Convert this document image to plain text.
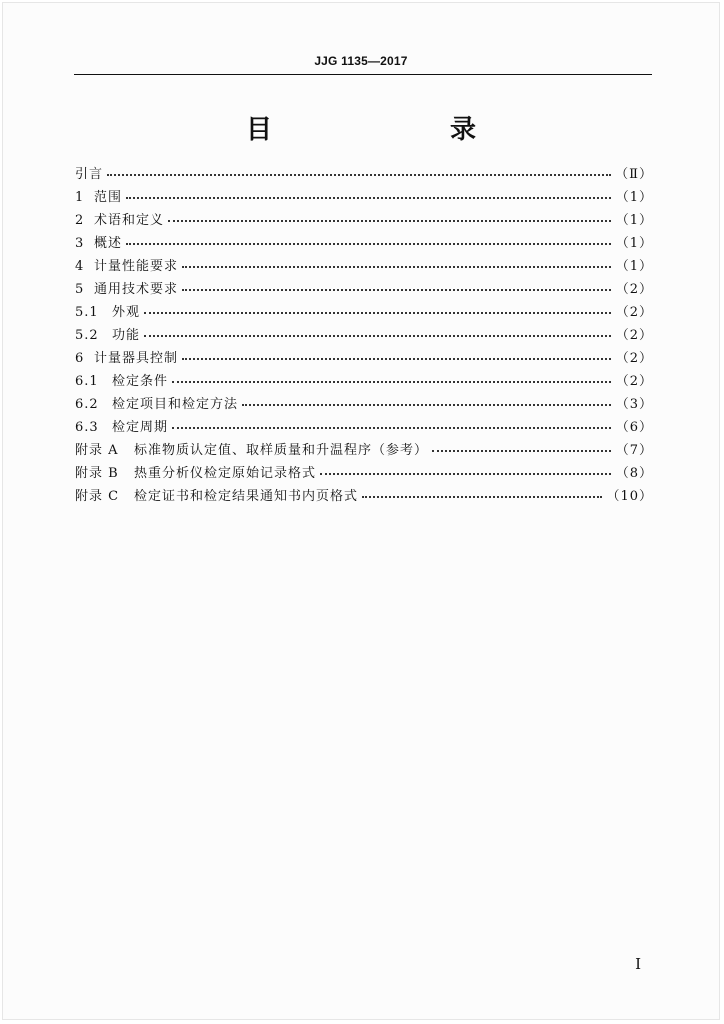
JJG 1135—2017
目　　录
引言	（Ⅱ）
1 范围	（1）
2 术语和定义	（1）
3 概述	（1）
4 计量性能要求	（1）
5 通用技术要求	（2）
5.1	外观	（2）
5.2	功能	（2）
6 计量器具控制	（2）
6.1	检定条件	（2）
6.2	检定项目和检定方法	（3）
6.3	检定周期	（6）
附录 A	标准物质认定值、取样质量和升温程序（参考）	（7）
附录 B	热重分析仪检定原始记录格式	（8）
附录 C	检定证书和检定结果通知书内页格式	（10）
I
